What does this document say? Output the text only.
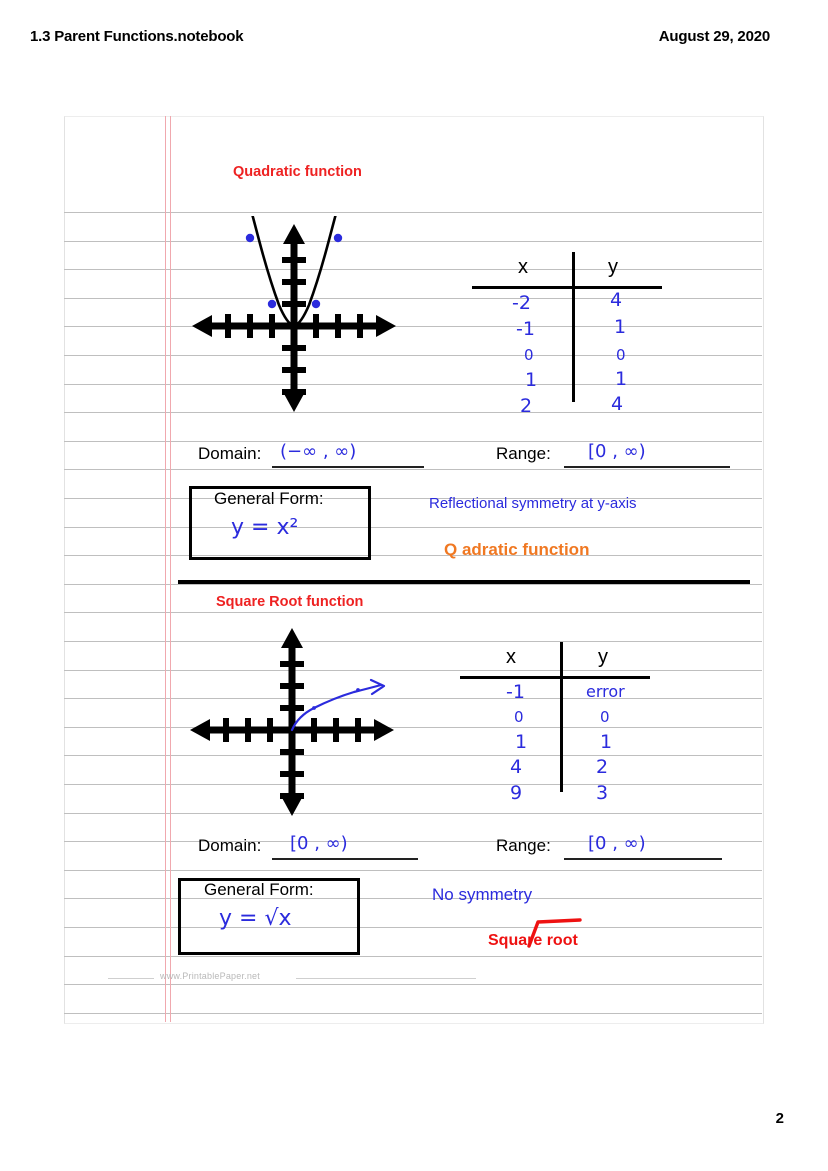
1.3 Parent Functions.notebook	August 29, 2020
2
Quadratic function
x	y
-2	4
-1	1
0	0
1	1
2	4
Domain: (−∞ , ∞)	Range: [0 , ∞)
General Form:
y = x²
Reflectional symmetry at y-axis
Q adratic function
Square Root function
x	y
-1	error
0	0
1	1
4	2
9	3
Domain: [0 , ∞)	Range: [0 , ∞)
General Form:
y = √x
No symmetry
Square root
www.PrintablePaper.net
